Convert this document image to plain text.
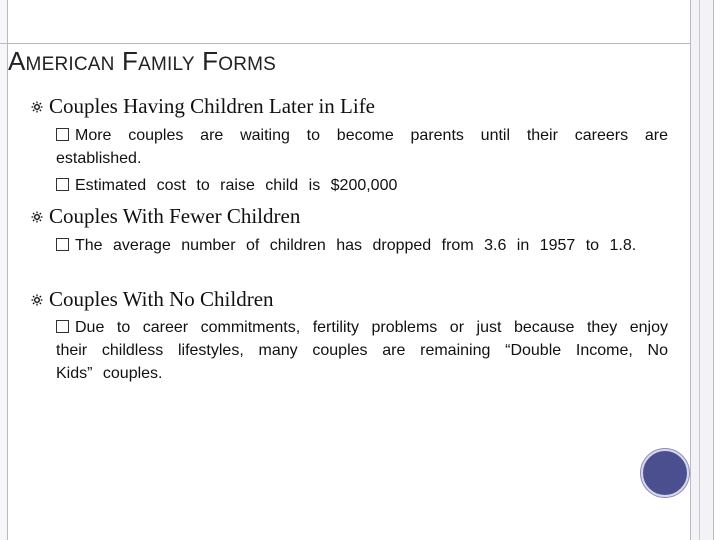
AMERICAN FAMILY FORMS
Couples Having Children Later in Life
More couples are waiting to become parents until their careers are established.
Estimated cost to raise child is $200,000
Couples With Fewer Children
The average number of children has dropped from 3.6 in 1957 to 1.8.
Couples With No Children
Due to career commitments, fertility problems or just because they enjoy their childless lifestyles, many couples are remaining “Double Income, No Kids” couples.
